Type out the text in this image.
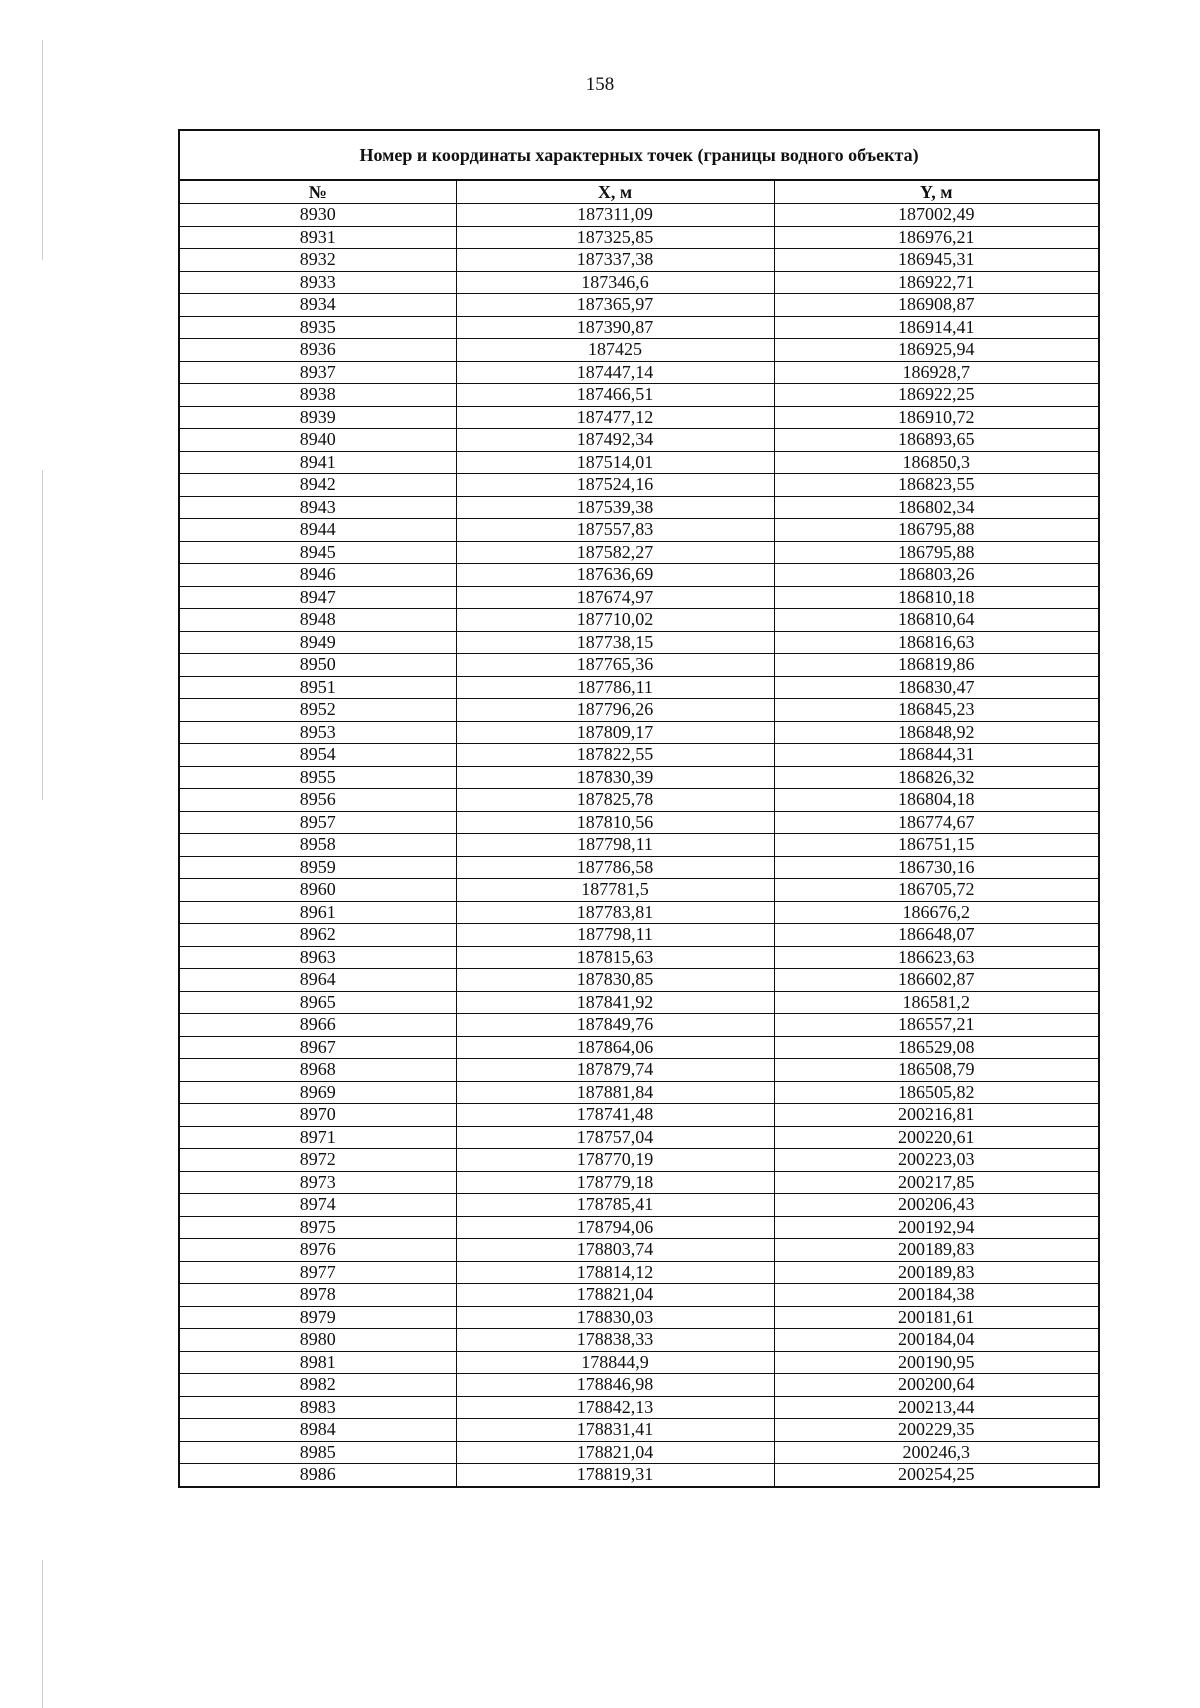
158
Номер и координаты характерных точек (границы водного объекта)		
№	X, м	Y, м
8930	187311,09	187002,49
8931	187325,85	186976,21
8932	187337,38	186945,31
8933	187346,6	186922,71
8934	187365,97	186908,87
8935	187390,87	186914,41
8936	187425	186925,94
8937	187447,14	186928,7
8938	187466,51	186922,25
8939	187477,12	186910,72
8940	187492,34	186893,65
8941	187514,01	186850,3
8942	187524,16	186823,55
8943	187539,38	186802,34
8944	187557,83	186795,88
8945	187582,27	186795,88
8946	187636,69	186803,26
8947	187674,97	186810,18
8948	187710,02	186810,64
8949	187738,15	186816,63
8950	187765,36	186819,86
8951	187786,11	186830,47
8952	187796,26	186845,23
8953	187809,17	186848,92
8954	187822,55	186844,31
8955	187830,39	186826,32
8956	187825,78	186804,18
8957	187810,56	186774,67
8958	187798,11	186751,15
8959	187786,58	186730,16
8960	187781,5	186705,72
8961	187783,81	186676,2
8962	187798,11	186648,07
8963	187815,63	186623,63
8964	187830,85	186602,87
8965	187841,92	186581,2
8966	187849,76	186557,21
8967	187864,06	186529,08
8968	187879,74	186508,79
8969	187881,84	186505,82
8970	178741,48	200216,81
8971	178757,04	200220,61
8972	178770,19	200223,03
8973	178779,18	200217,85
8974	178785,41	200206,43
8975	178794,06	200192,94
8976	178803,74	200189,83
8977	178814,12	200189,83
8978	178821,04	200184,38
8979	178830,03	200181,61
8980	178838,33	200184,04
8981	178844,9	200190,95
8982	178846,98	200200,64
8983	178842,13	200213,44
8984	178831,41	200229,35
8985	178821,04	200246,3
8986	178819,31	200254,25
